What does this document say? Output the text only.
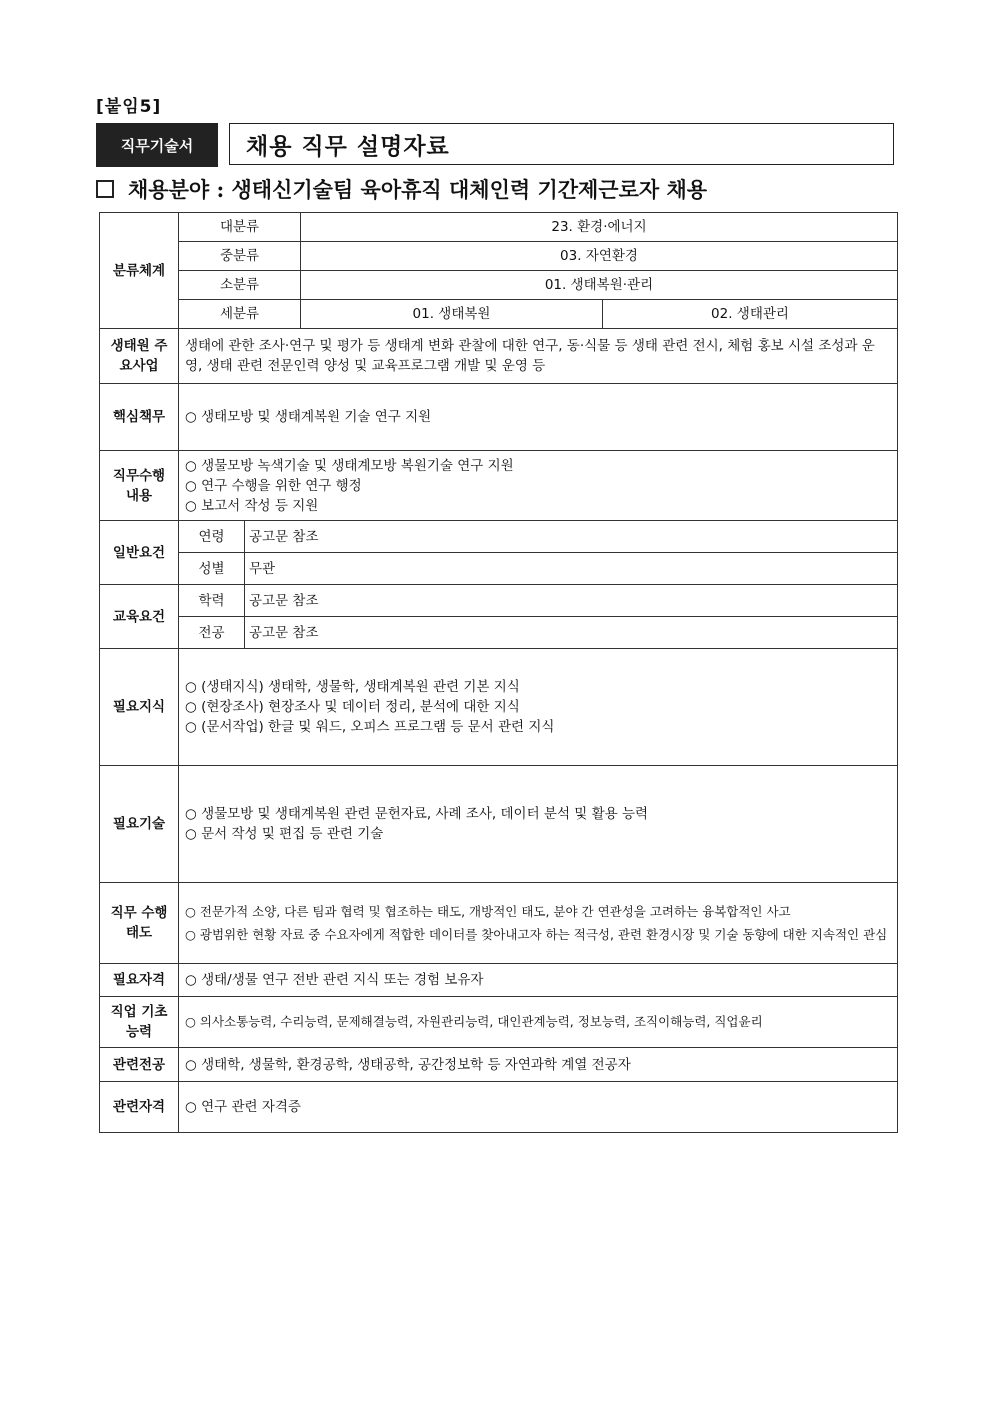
[붙임5]
직무기술서	채용 직무 설명자료
채용분야 : 생태신기술팀 육아휴직 대체인력 기간제근로자 채용
분류체계	대분류		23. 환경·에너지	
	중분류		03. 자연환경	
	소분류		01. 생태복원·관리	
	세분류		01. 생태복원	02. 생태관리
생태원 주요사업	생태에 관한 조사·연구 및 평가 등 생태계 변화 관찰에 대한 연구, 동·식물 등 생태 관련 전시, 체험 홍보 시설 조성과 운영, 생태 관련 전문인력 양성 및 교육프로그램 개발 및 운영 등			
핵심책무	○ 생태모방 및 생태계복원 기술 연구 지원			

직무수행 내용	○ 생물모방 녹색기술 및 생태계모방 복원기술 연구 지원
○ 연구 수행을 위한 연구 행정
○ 보고서 작성 등 지원			

일반요건	연령	공고문 참조		
	성별	무관		
교육요건	학력	공고문 참조		
	전공	공고문 참조		
필요지식	○ (생태지식) 생태학, 생물학, 생태계복원 관련 기본 지식
○ (현장조사) 현장조사 및 데이터 정리, 분석에 대한 지식
○ (문서작업) 한글 및 워드, 오피스 프로그램 등 문서 관련 지식			

필요기술	○ 생물모방 및 생태계복원 관련 문헌자료, 사례 조사, 데이터 분석 및 활용 능력
○ 문서 작성 및 편집 등 관련 기술			

직무 수행태도	○ 전문가적 소양, 다른 팀과 협력 및 협조하는 태도, 개방적인 태도, 분야 간 연관성을 고려하는 융복합적인 사고
○ 광범위한 현황 자료 중 수요자에게 적합한 데이터를 찾아내고자 하는 적극성, 관련 환경시장 및 기술 동향에 대한 지속적인 관심			

필요자격	○ 생태/생물 연구 전반 관련 지식 또는 경험 보유자			

직업 기초능력	○ 의사소통능력, 수리능력, 문제해결능력, 자원관리능력, 대인관계능력, 정보능력, 조직이해능력, 직업윤리			

관련전공	○ 생태학, 생물학, 환경공학, 생태공학, 공간정보학 등 자연과학 계열 전공자			

관련자격	○ 연구 관련 자격증			
